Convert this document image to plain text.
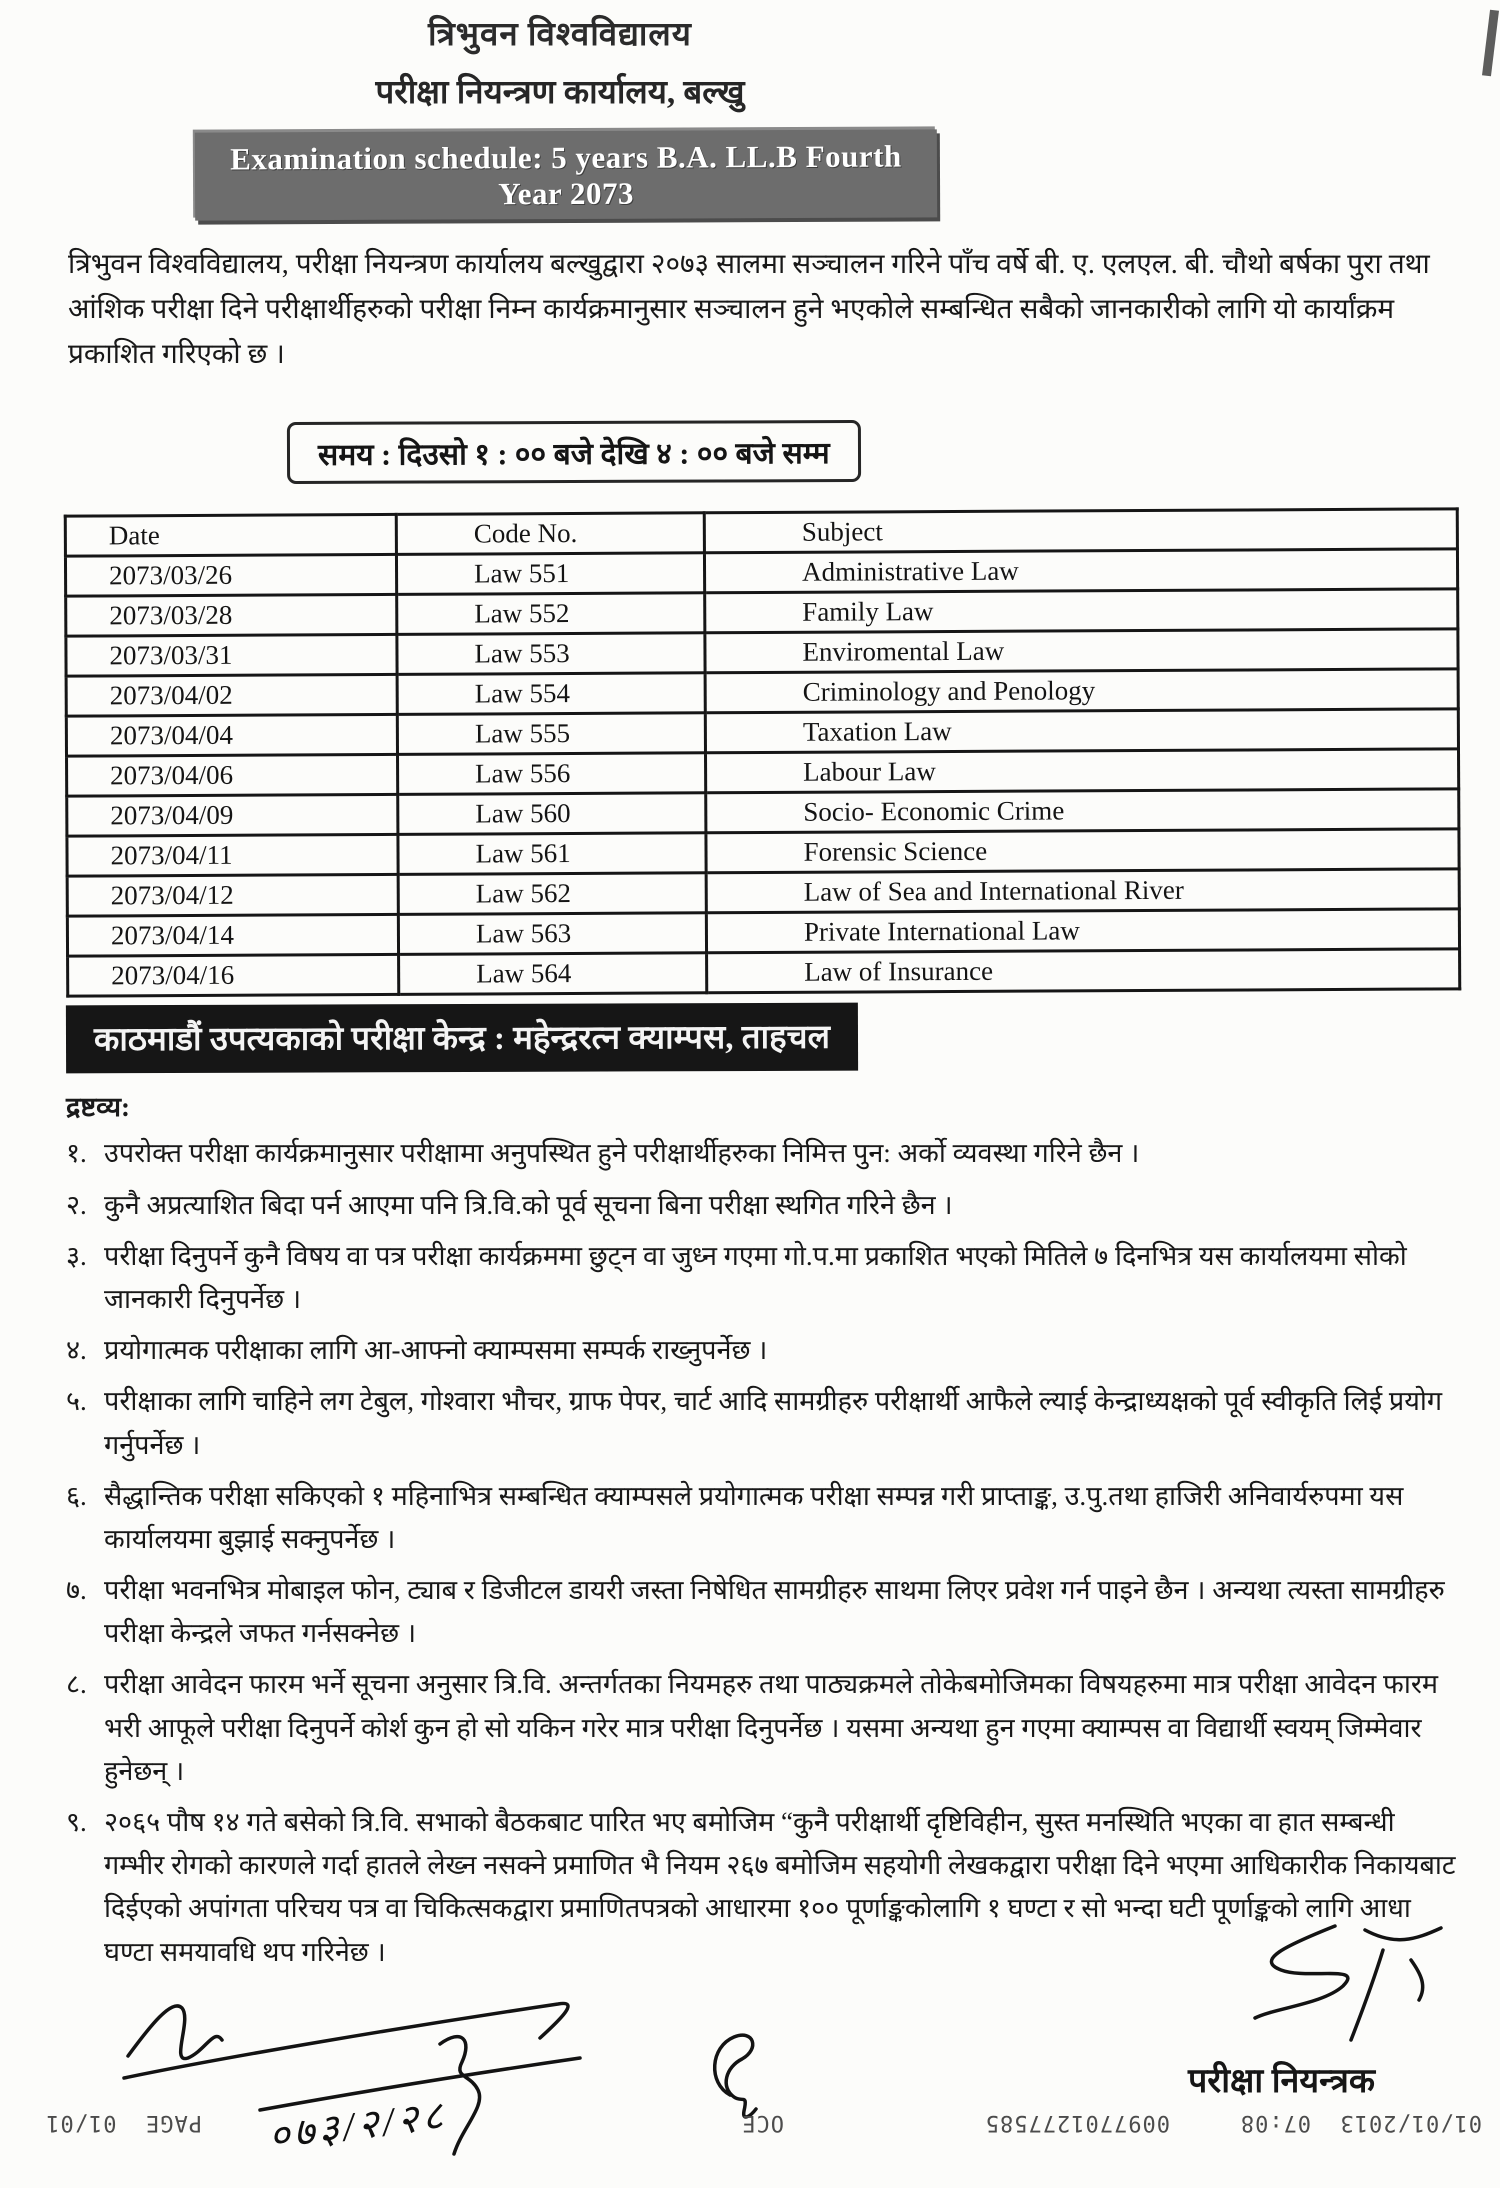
त्रिभुवन विश्वविद्यालय
परीक्षा नियन्त्रण कार्यालय, बल्खु
Examination schedule: 5 years B.A. LL.B Fourth Year 2073
त्रिभुवन विश्वविद्यालय, परीक्षा नियन्त्रण कार्यालय बल्खुद्वारा २०७३ सालमा सञ्चालन गरिने पाँच वर्षे बी. ए. एलएल. बी. चौथो बर्षका पुरा तथा आंशिक परीक्षा दिने परीक्षार्थीहरुको परीक्षा निम्न कार्यक्रमानुसार सञ्चालन हुने भएकोले सम्बन्धित सबैको जानकारीको लागि यो कार्यांक्रम प्रकाशित गरिएको छ ।
समय : दिउसो १ : ०० बजे देखि ४ : ०० बजे सम्म
Date	Code No.	Subject
2073/03/26	Law 551	Administrative Law
2073/03/28	Law 552	Family Law
2073/03/31	Law 553	Enviromental Law
2073/04/02	Law 554	Criminology and Penology
2073/04/04	Law 555	Taxation Law
2073/04/06	Law 556	Labour Law
2073/04/09	Law 560	Socio- Economic Crime
2073/04/11	Law 561	Forensic Science
2073/04/12	Law 562	Law of Sea and International River
2073/04/14	Law 563	Private International Law
2073/04/16	Law 564	Law of Insurance
काठमाडौं उपत्यकाको परीक्षा केन्द्र : महेन्द्ररत्न क्याम्पस, ताहचल
द्रष्टव्य:
१. उपरोक्त परीक्षा कार्यक्रमानुसार परीक्षामा अनुपस्थित हुने परीक्षार्थीहरुका निमित्त पुन: अर्को व्यवस्था गरिने छैन ।
२. कुनै अप्रत्याशित बिदा पर्न आएमा पनि त्रि.वि.को पूर्व सूचना बिना परीक्षा स्थगित गरिने छैन ।
३. परीक्षा दिनुपर्ने कुनै विषय वा पत्र परीक्षा कार्यक्रममा छुट्न वा जुध्न गएमा गो.प.मा प्रकाशित भएको मितिले ७ दिनभित्र यस कार्यालयमा सोको जानकारी दिनुपर्नेछ ।
४. प्रयोगात्मक परीक्षाका लागि आ-आफ्नो क्याम्पसमा सम्पर्क राख्नुपर्नेछ ।
५. परीक्षाका लागि चाहिने लग टेबुल, गोश्वारा भौचर, ग्राफ पेपर, चार्ट आदि सामग्रीहरु परीक्षार्थी आफैले ल्याई केन्द्राध्यक्षको पूर्व स्वीकृति लिई प्रयोग गर्नुपर्नेछ ।
६. सैद्धान्तिक परीक्षा सकिएको १ महिनाभित्र सम्बन्धित क्याम्पसले प्रयोगात्मक परीक्षा सम्पन्न गरी प्राप्ताङ्क, उ.पु.तथा हाजिरी अनिवार्यरुपमा यस कार्यालयमा बुझाई सक्नुपर्नेछ ।
७. परीक्षा भवनभित्र मोबाइल फोन, ट्याब र डिजीटल डायरी जस्ता निषेधित सामग्रीहरु साथमा लिएर प्रवेश गर्न पाइने छैन । अन्यथा त्यस्ता सामग्रीहरु परीक्षा केन्द्रले जफत गर्नसक्नेछ ।
८. परीक्षा आवेदन फारम भर्ने सूचना अनुसार त्रि.वि. अन्तर्गतका नियमहरु तथा पाठ्यक्रमले तोकेबमोजिमका विषयहरुमा मात्र परीक्षा आवेदन फारम भरी आफूले परीक्षा दिनुपर्ने कोर्श कुन हो सो यकिन गरेर मात्र परीक्षा दिनुपर्नेछ । यसमा अन्यथा हुन गएमा क्याम्पस वा विद्यार्थी स्वयम् जिम्मेवार हुनेछन् ।
९. २०६५ पौष १४ गते बसेको त्रि.वि. सभाको बैठकबाट पारित भए बमोजिम “कुनै परीक्षार्थी दृष्टिविहीन, सुस्त मनस्थिति भएका वा हात सम्बन्धी गम्भीर रोगको कारणले गर्दा हातले लेख्न नसक्ने प्रमाणित भै नियम २६७ बमोजिम सहयोगी लेखकद्वारा परीक्षा दिने भएमा आधिकारीक निकायबाट दिईएको अपांगता परिचय पत्र वा चिकित्सकद्वारा प्रमाणितपत्रको आधारमा १०० पूर्णाङ्ककोलागि १ घण्टा र सो भन्दा घटी पूर्णाङ्कको लागि आधा घण्टा समयावधि थप गरिनेछ ।
०७३/२/२८
परीक्षा नियन्त्रक
01/01/2013  07:08
0097701277585
OCE
PAGE  01/01
